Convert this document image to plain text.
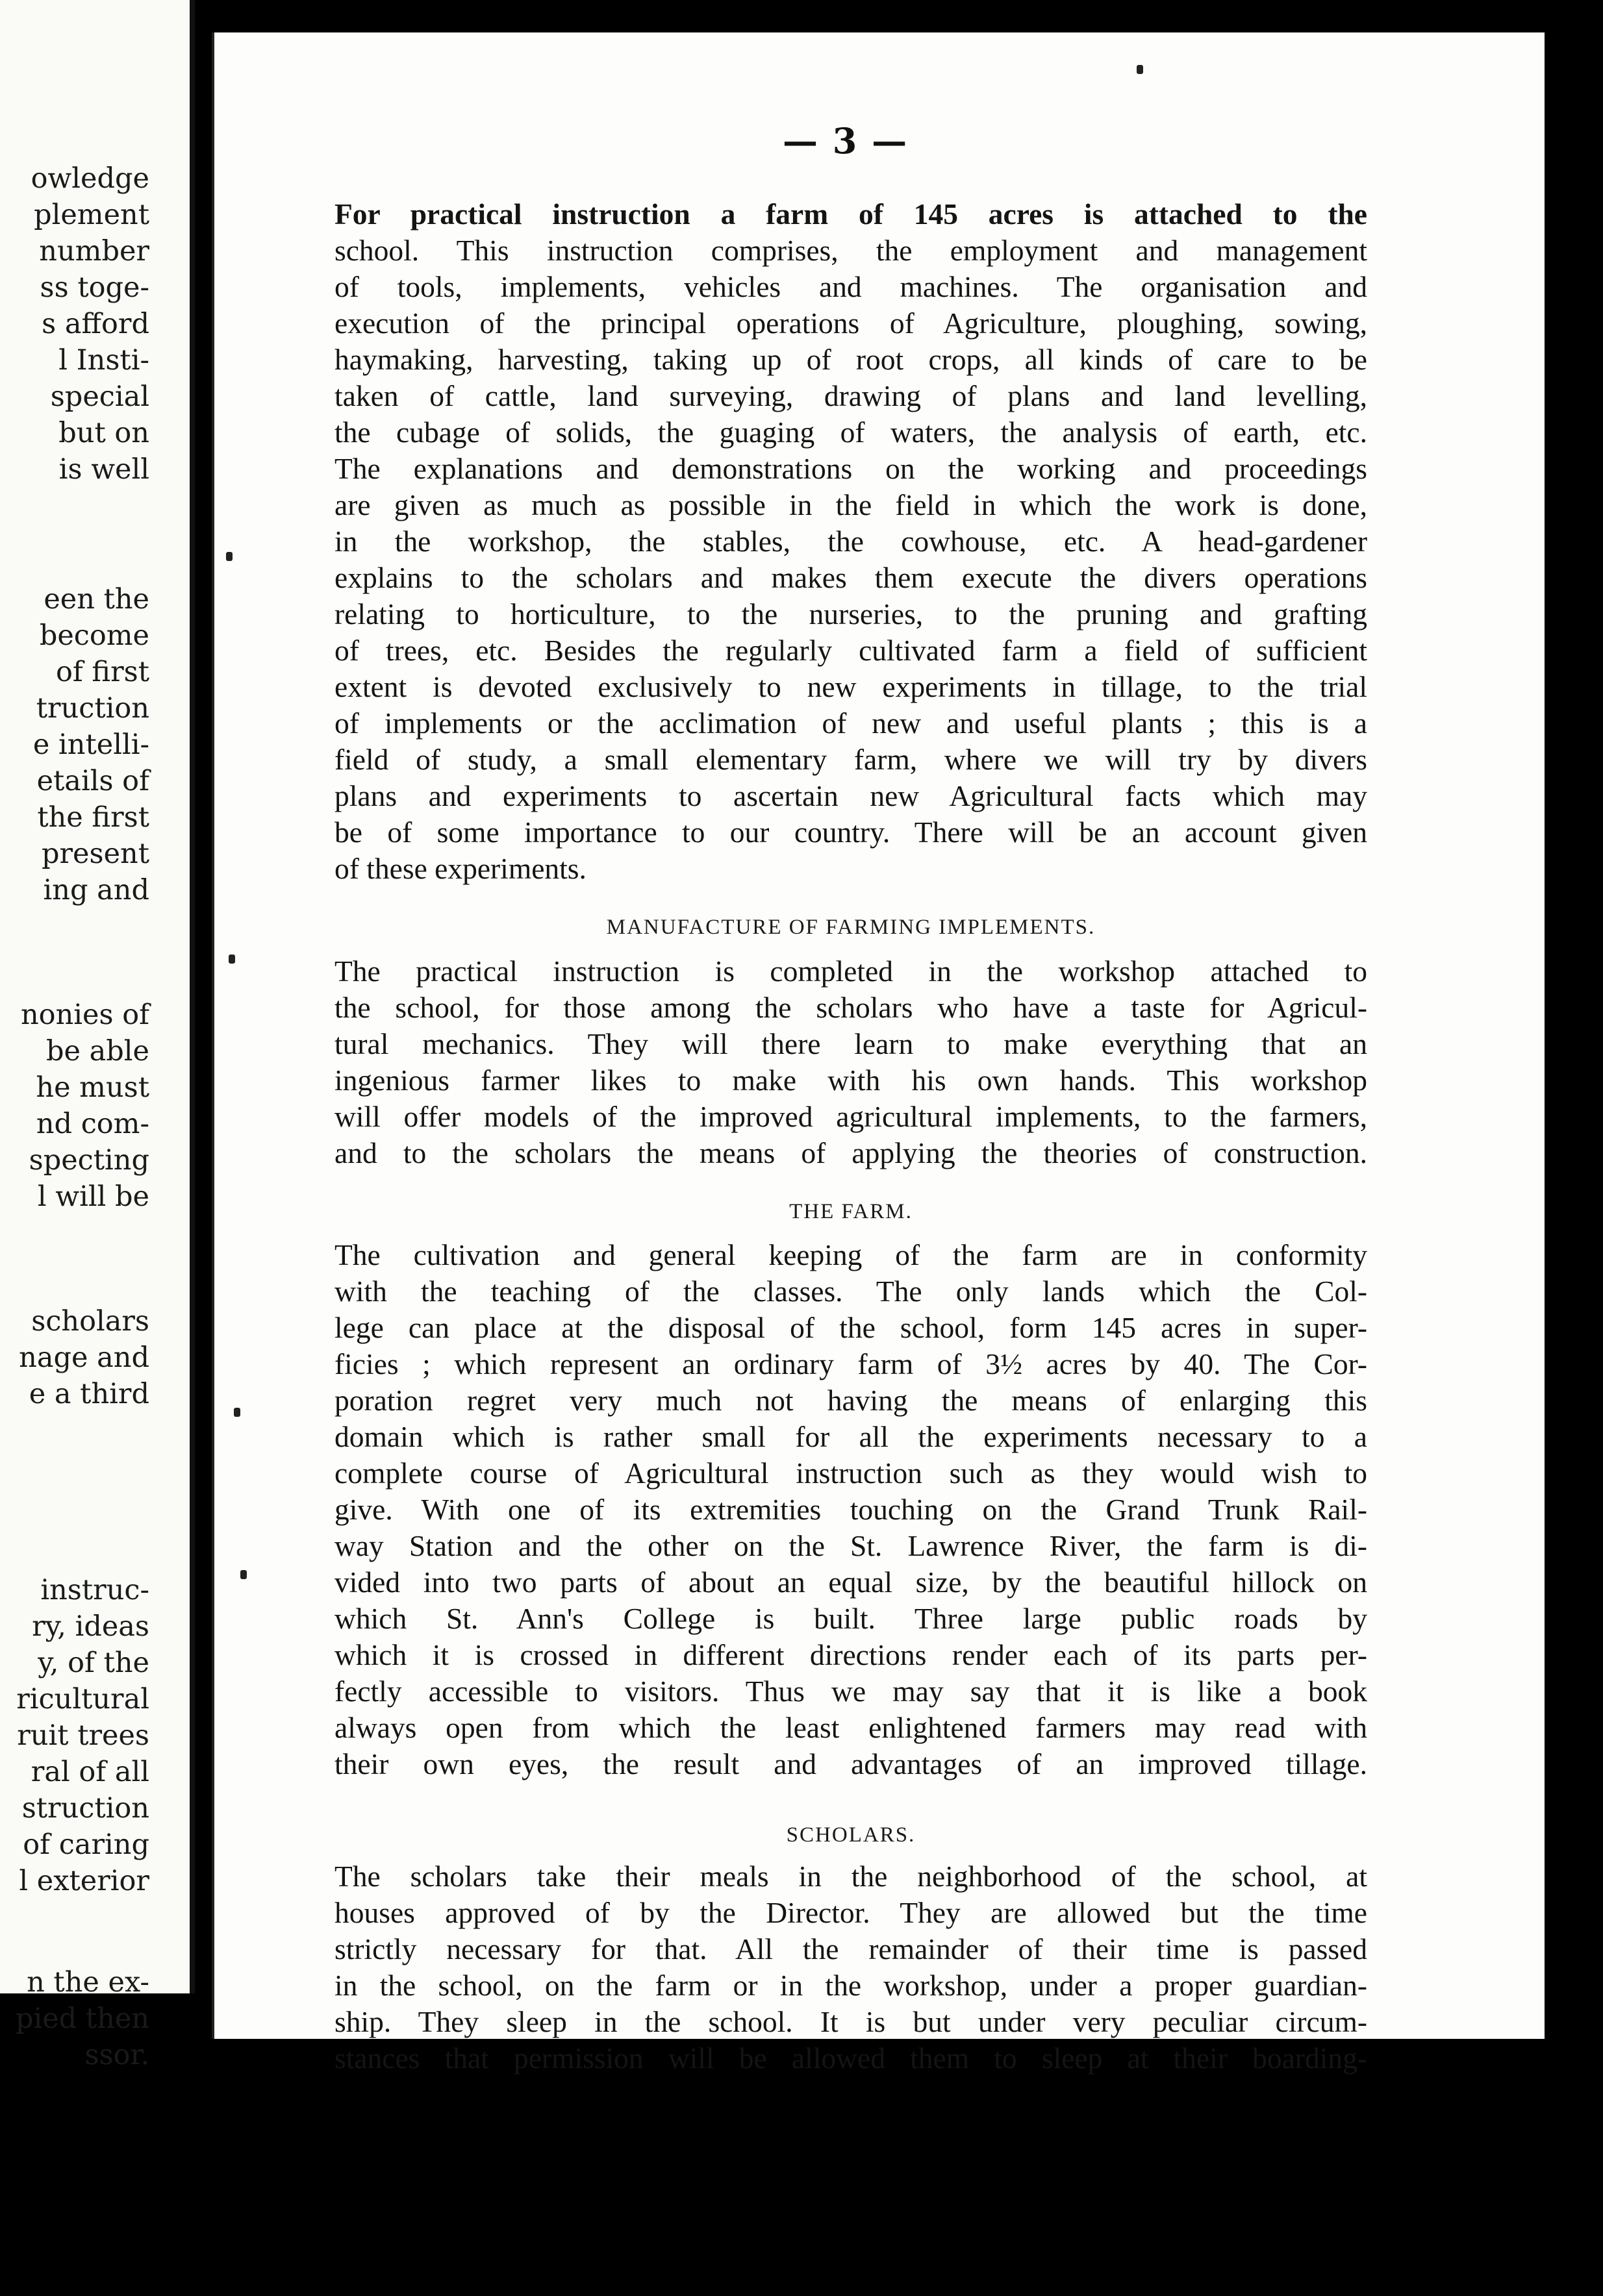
owledge
plement
number
ss toge-
s afford
l Insti-
special
but on
is well
een the
become
of first
truction
e intelli-
etails of
the first
present
ing and
nonies of
be able
he must
nd com-
specting
l will be
scholars
nage and
e a third
instruc-
ry, ideas
y, of the
ricultural
ruit trees
ral of all
struction
of caring
l exterior
n the ex-
pied then
ssor.
— 3 —
For practical instruction a farm of 145 acres is attached to the
school. This instruction comprises, the employment and management
of tools, implements, vehicles and machines. The organisation and
execution of the principal operations of Agriculture, ploughing, sowing,
haymaking, harvesting, taking up of root crops, all kinds of care to be
taken of cattle, land surveying, drawing of plans and land levelling,
the cubage of solids, the guaging of waters, the analysis of earth, etc.
The explanations and demonstrations on the working and proceedings
are given as much as possible in the field in which the work is done,
in the workshop, the stables, the cowhouse, etc. A head-gardener
explains to the scholars and makes them execute the divers operations
relating to horticulture, to the nurseries, to the pruning and grafting
of trees, etc. Besides the regularly cultivated farm a field of sufficient
extent is devoted exclusively to new experiments in tillage, to the trial
of implements or the acclimation of new and useful plants ; this is a
field of study, a small elementary farm, where we will try by divers
plans and experiments to ascertain new Agricultural facts which may
be of some importance to our country. There will be an account given
of these experiments.
MANUFACTURE OF FARMING IMPLEMENTS.
The practical instruction is completed in the workshop attached to
the school, for those among the scholars who have a taste for Agricul-
tural mechanics. They will there learn to make everything that an
ingenious farmer likes to make with his own hands. This workshop
will offer models of the improved agricultural implements, to the farmers,
and to the scholars the means of applying the theories of construction.
THE FARM.
The cultivation and general keeping of the farm are in conformity
with the teaching of the classes. The only lands which the Col-
lege can place at the disposal of the school, form 145 acres in super-
ficies ; which represent an ordinary farm of 3½ acres by 40. The Cor-
poration regret very much not having the means of enlarging this
domain which is rather small for all the experiments necessary to a
complete course of Agricultural instruction such as they would wish to
give. With one of its extremities touching on the Grand Trunk Rail-
way Station and the other on the St. Lawrence River, the farm is di-
vided into two parts of about an equal size, by the beautiful hillock on
which St. Ann's College is built. Three large public roads by
which it is crossed in different directions render each of its parts per-
fectly accessible to visitors. Thus we may say that it is like a book
always open from which the least enlightened farmers may read with
their own eyes, the result and advantages of an improved tillage.
SCHOLARS.
The scholars take their meals in the neighborhood of the school, at
houses approved of by the Director. They are allowed but the time
strictly necessary for that. All the remainder of their time is passed
in the school, on the farm or in the workshop, under a proper guardian-
ship. They sleep in the school. It is but under very peculiar circum-
stances that permission will be allowed them to sleep at their boarding-
